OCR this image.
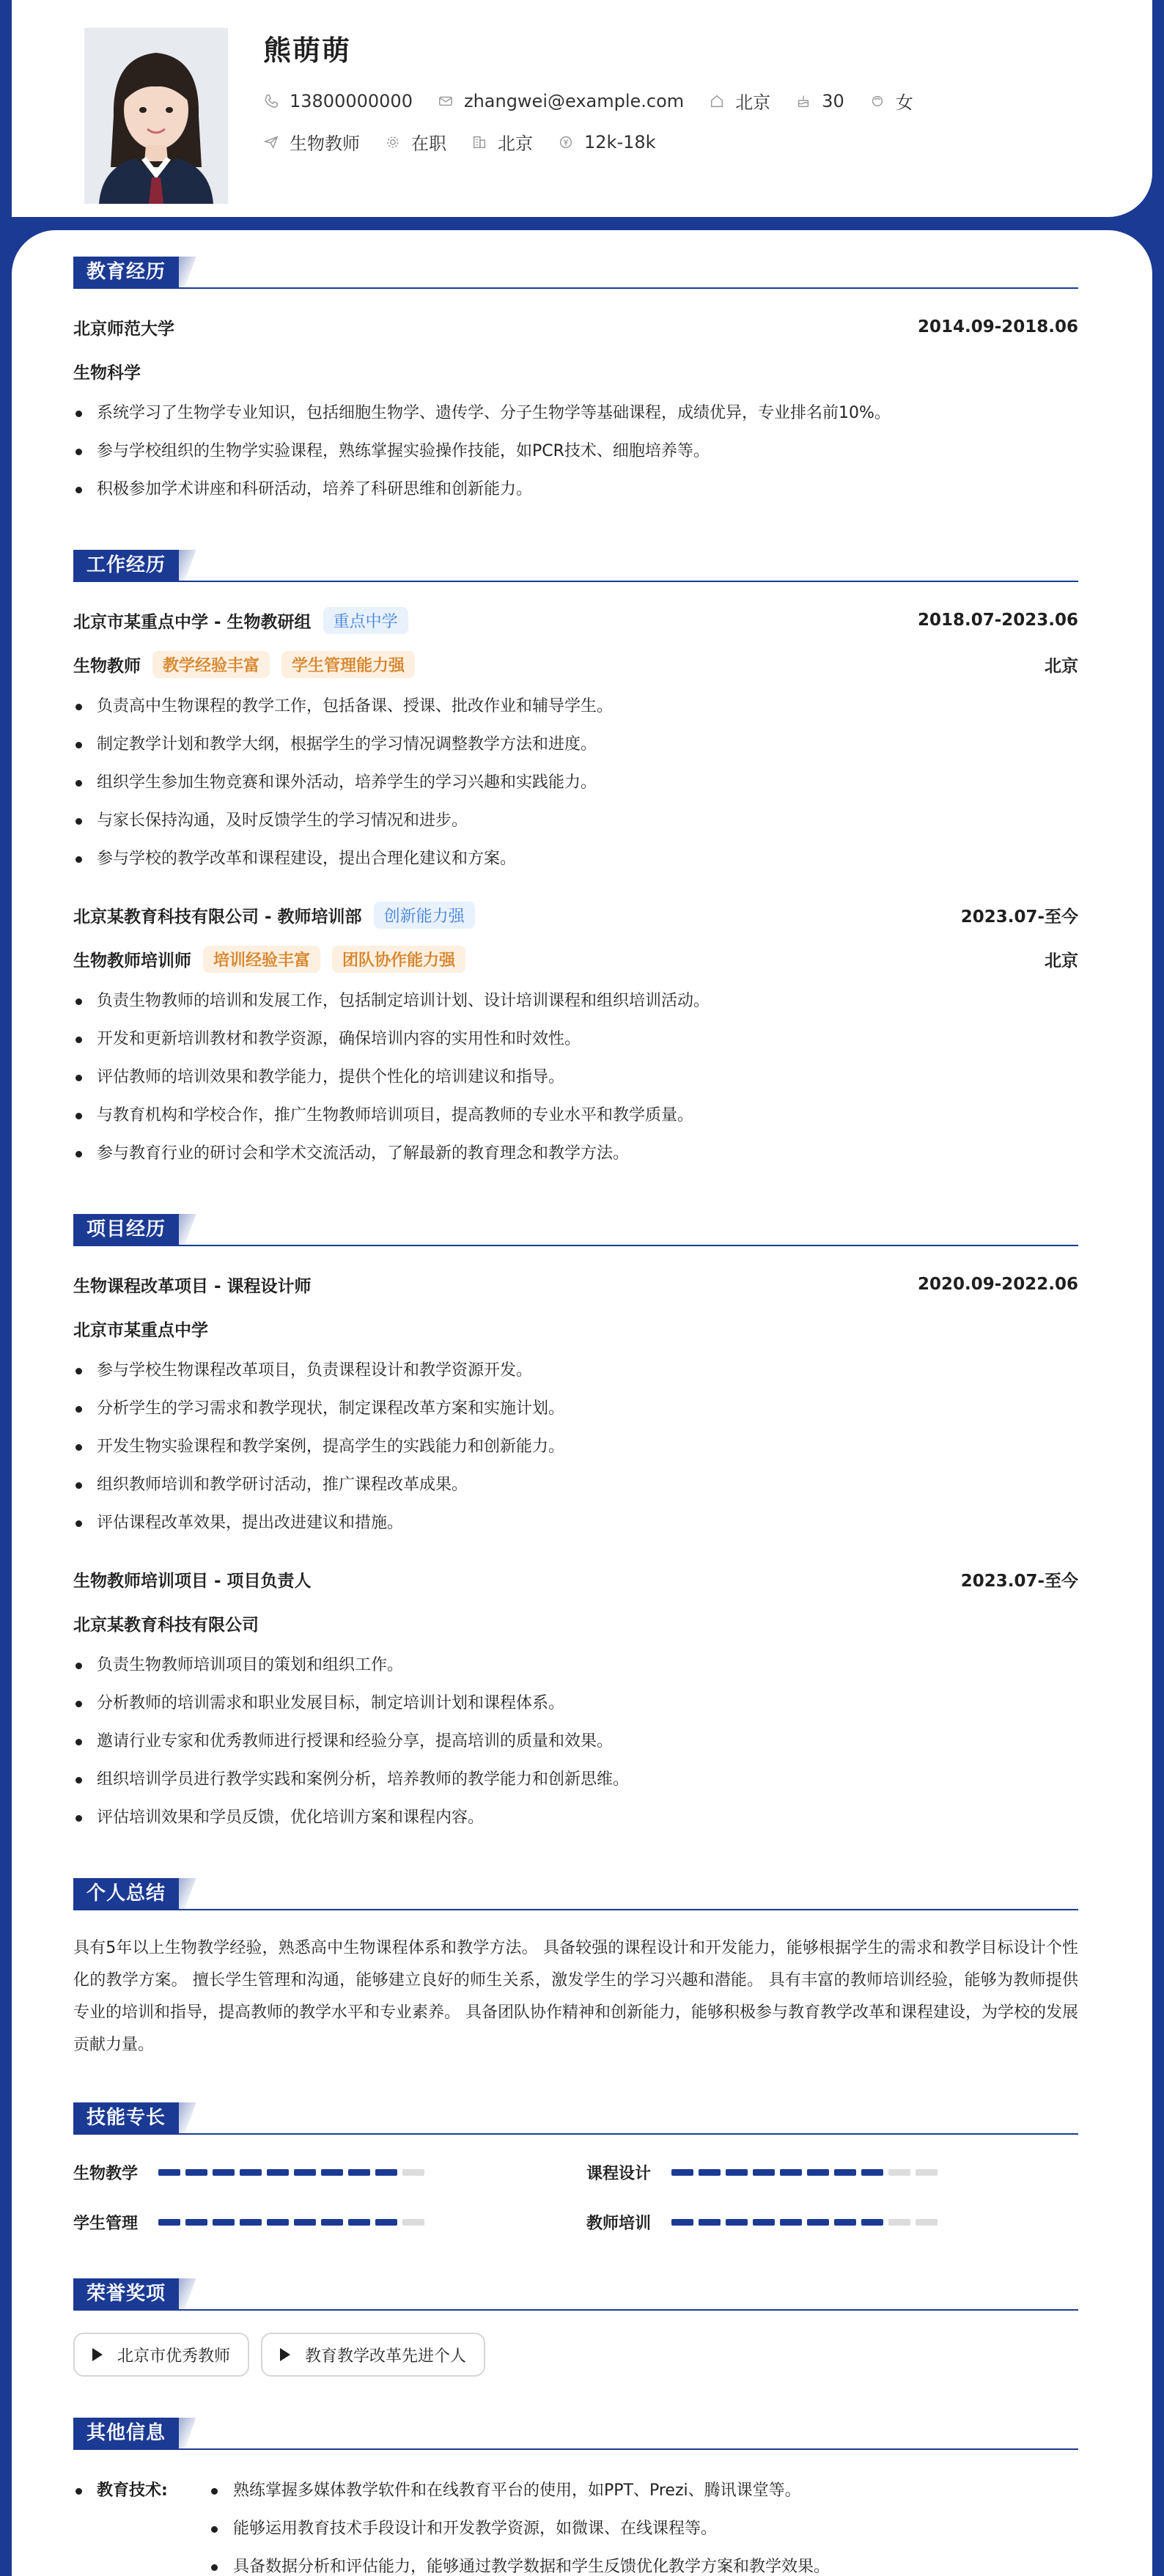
熊萌萌
13800000000	zhangwei@example.com	北京	30	女
生物教师	在职	北京	12k-18k
教育经历
北京师范大学	2014.09-2018.06
生物科学
系统学习了生物学专业知识，包括细胞生物学、遗传学、分子生物学等基础课程，成绩优异，专业排名前10%。
参与学校组织的生物学实验课程，熟练掌握实验操作技能，如PCR技术、细胞培养等。
积极参加学术讲座和科研活动，培养了科研思维和创新能力。
工作经历
北京市某重点中学 - 生物教研组	重点中学	2018.07-2023.06
生物教师	教学经验丰富	学生管理能力强	北京
负责高中生物课程的教学工作，包括备课、授课、批改作业和辅导学生。
制定教学计划和教学大纲，根据学生的学习情况调整教学方法和进度。
组织学生参加生物竞赛和课外活动，培养学生的学习兴趣和实践能力。
与家长保持沟通，及时反馈学生的学习情况和进步。
参与学校的教学改革和课程建设，提出合理化建议和方案。
北京某教育科技有限公司 - 教师培训部	创新能力强	2023.07-至今
生物教师培训师	培训经验丰富	团队协作能力强	北京
负责生物教师的培训和发展工作，包括制定培训计划、设计培训课程和组织培训活动。
开发和更新培训教材和教学资源，确保培训内容的实用性和时效性。
评估教师的培训效果和教学能力，提供个性化的培训建议和指导。
与教育机构和学校合作，推广生物教师培训项目，提高教师的专业水平和教学质量。
参与教育行业的研讨会和学术交流活动，了解最新的教育理念和教学方法。
项目经历
生物课程改革项目 - 课程设计师	2020.09-2022.06
北京市某重点中学
参与学校生物课程改革项目，负责课程设计和教学资源开发。
分析学生的学习需求和教学现状，制定课程改革方案和实施计划。
开发生物实验课程和教学案例，提高学生的实践能力和创新能力。
组织教师培训和教学研讨活动，推广课程改革成果。
评估课程改革效果，提出改进建议和措施。
生物教师培训项目 - 项目负责人	2023.07-至今
北京某教育科技有限公司
负责生物教师培训项目的策划和组织工作。
分析教师的培训需求和职业发展目标，制定培训计划和课程体系。
邀请行业专家和优秀教师进行授课和经验分享，提高培训的质量和效果。
组织培训学员进行教学实践和案例分析，培养教师的教学能力和创新思维。
评估培训效果和学员反馈，优化培训方案和课程内容。
个人总结

具有5年以上生物教学经验，熟悉高中生物课程体系和教学方法。 具备较强的课程设计和开发能力，能够根据学生的需求和教学目标设计个性化的教学方案。 擅长学生管理和沟通，能够建立良好的师生关系，激发学生的学习兴趣和潜能。 具有丰富的教师培训经验，能够为教师提供专业的培训和指导，提高教师的教学水平和专业素养。 具备团队协作精神和创新能力，能够积极参与教育教学改革和课程建设，为学校的发展贡献力量。

技能专长
生物教学	课程设计
学生管理	教师培训
荣誉奖项
北京市优秀教师	教育教学改革先进个人
其他信息
教育技术:	熟练掌握多媒体教学软件和在线教育平台的使用，如PPT、Prezi、腾讯课堂等。
能够运用教育技术手段设计和开发教学资源，如微课、在线课程等。
具备数据分析和评估能力，能够通过教学数据和学生反馈优化教学方案和教学效果。
